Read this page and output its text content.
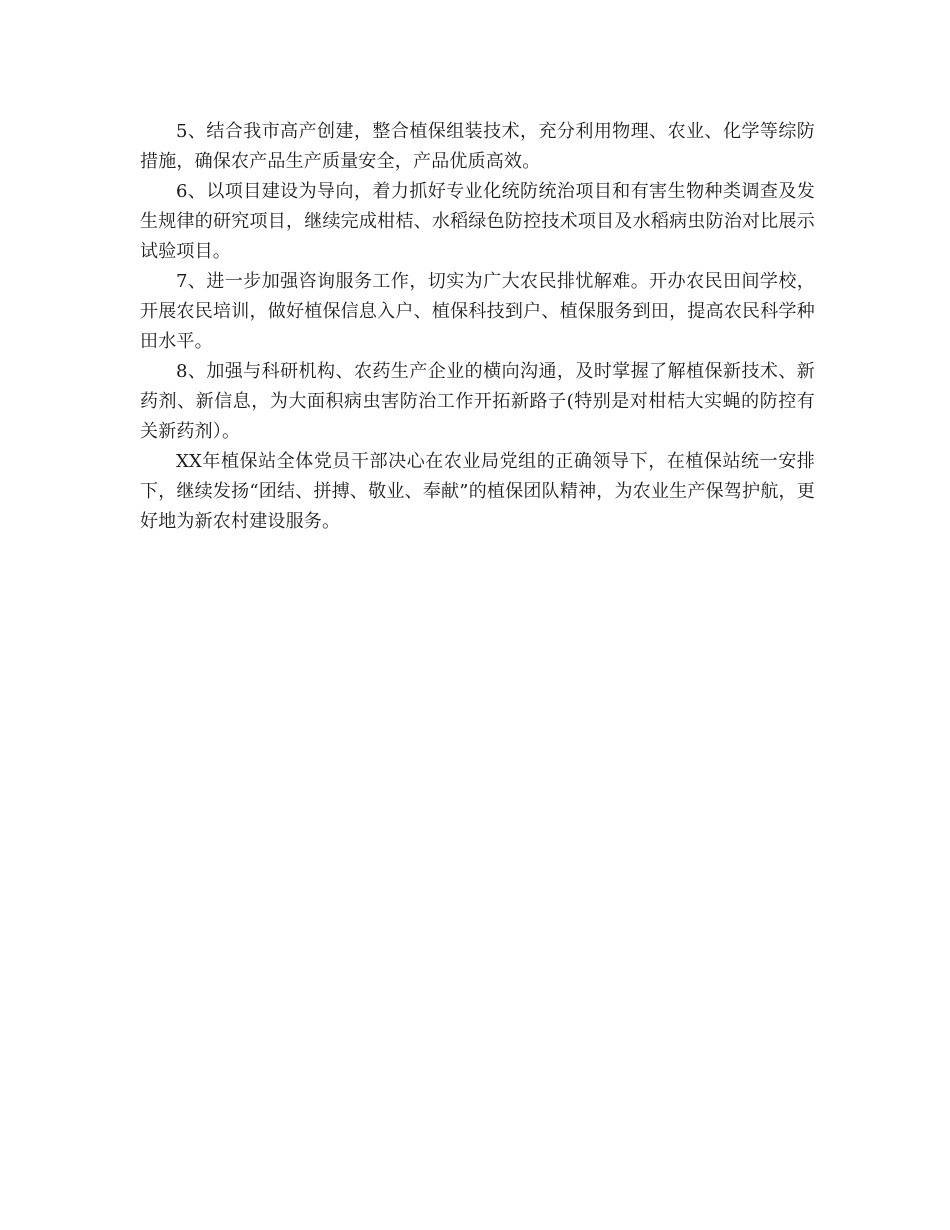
5、结合我市高产创建，整合植保组装技术，充分利用物理、农业、化学等综防措施，确保农产品生产质量安全，产品优质高效。

6、以项目建设为导向，着力抓好专业化统防统治项目和有害生物种类调查及发生规律的研究项目，继续完成柑桔、水稻绿色防控技术项目及水稻病虫防治对比展示试验项目。

7、进一步加强咨询服务工作，切实为广大农民排忧解难。开办农民田间学校，开展农民培训，做好植保信息入户、植保科技到户、植保服务到田，提高农民科学种田水平。

8、加强与科研机构、农药生产企业的横向沟通，及时掌握了解植保新技术、新药剂、新信息，为大面积病虫害防治工作开拓新路子(特别是对柑桔大实蝇的防控有关新药剂）。

XX年植保站全体党员干部决心在农业局党组的正确领导下，在植保站统一安排下，继续发扬“团结、拼搏、敬业、奉献”的植保团队精神，为农业生产保驾护航，更好地为新农村建设服务。
